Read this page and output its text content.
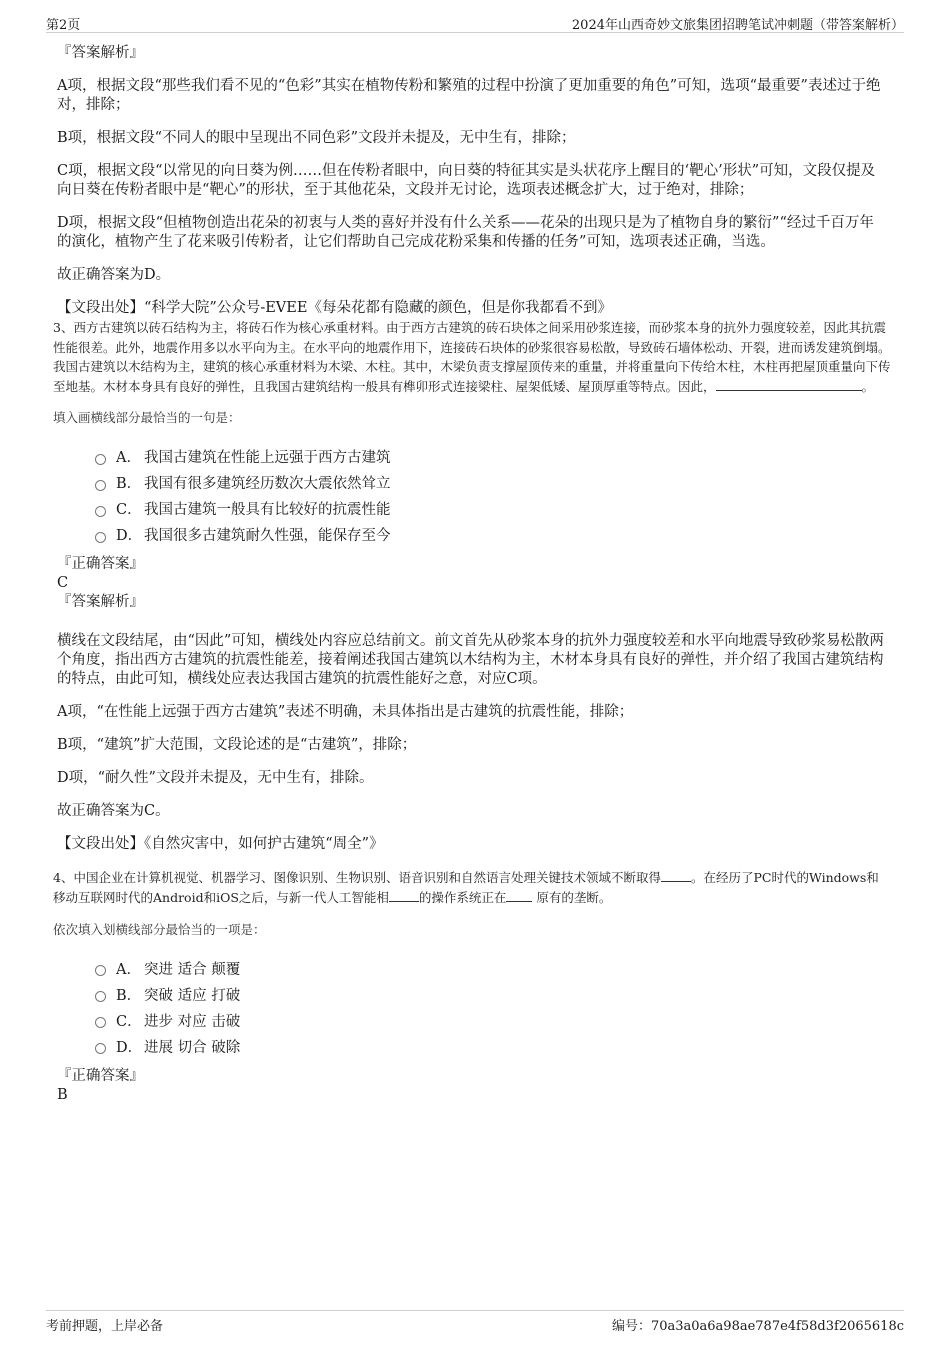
第2页	2024年山西奇妙文旅集团招聘笔试冲刺题（带答案解析）
『答案解析』
A项，根据文段“那些我们看不见的“色彩”其实在植物传粉和繁殖的过程中扮演了更加重要的角色”可知，选项“最重要”表述过于绝对，排除；
B项，根据文段“不同人的眼中呈现出不同色彩”文段并未提及，无中生有，排除；
C项，根据文段“以常见的向日葵为例……但在传粉者眼中，向日葵的特征其实是头状花序上醒目的‘靶心’形状”可知，文段仅提及向日葵在传粉者眼中是“靶心”的形状，至于其他花朵，文段并无讨论，选项表述概念扩大，过于绝对，排除；
D项，根据文段“但植物创造出花朵的初衷与人类的喜好并没有什么关系——花朵的出现只是为了植物自身的繁衍”“经过千百万年的演化，植物产生了花来吸引传粉者，让它们帮助自己完成花粉采集和传播的任务”可知，选项表述正确，当选。
故正确答案为D。
【文段出处】“科学大院”公众号-EVEE《每朵花都有隐藏的颜色，但是你我都看不到》
3、西方古建筑以砖石结构为主，将砖石作为核心承重材料。由于西方古建筑的砖石块体之间采用砂浆连接，而砂浆本身的抗外力强度较差，因此其抗震性能很差。此外，地震作用多以水平向为主。在水平向的地震作用下，连接砖石块体的砂浆很容易松散，导致砖石墙体松动、开裂，进而诱发建筑倒塌。我国古建筑以木结构为主，建筑的核心承重材料为木梁、木柱。其中，木梁负责支撑屋顶传来的重量，并将重量向下传给木柱，木柱再把屋顶重量向下传至地基。木材本身具有良好的弹性，且我国古建筑结构一般具有榫卯形式连接梁柱、屋架低矮、屋顶厚重等特点。因此，	。
填入画横线部分最恰当的一句是：
A． 我国古建筑在性能上远强于西方古建筑
B． 我国有很多建筑经历数次大震依然耸立
C． 我国古建筑一般具有比较好的抗震性能
D． 我国很多古建筑耐久性强，能保存至今
『正确答案』
C
『答案解析』
横线在文段结尾，由“因此”可知，横线处内容应总结前文。前文首先从砂浆本身的抗外力强度较差和水平向地震导致砂浆易松散两个角度，指出西方古建筑的抗震性能差，接着阐述我国古建筑以木结构为主，木材本身具有良好的弹性，并介绍了我国古建筑结构的特点，由此可知，横线处应表达我国古建筑的抗震性能好之意，对应C项。
A项，“在性能上远强于西方古建筑”表述不明确，未具体指出是古建筑的抗震性能，排除；
B项，“建筑”扩大范围，文段论述的是“古建筑”，排除；
D项，“耐久性”文段并未提及，无中生有，排除。
故正确答案为C。
【文段出处】《自然灾害中，如何护古建筑“周全”》
4、中国企业在计算机视觉、机器学习、图像识别、生物识别、语音识别和自然语言处理关键技术领域不断取得 。在经历了PC时代的Windows和移动互联网时代的Android和iOS之后，与新一代人工智能相 的操作系统正在 原有的垄断。
依次填入划横线部分最恰当的一项是：
A． 突进 适合 颠覆
B． 突破 适应 打破
C． 进步 对应 击破
D． 进展 切合 破除
『正确答案』
B
考前押题，上岸必备	编号：70a3a0a6a98ae787e4f58d3f2065618c
